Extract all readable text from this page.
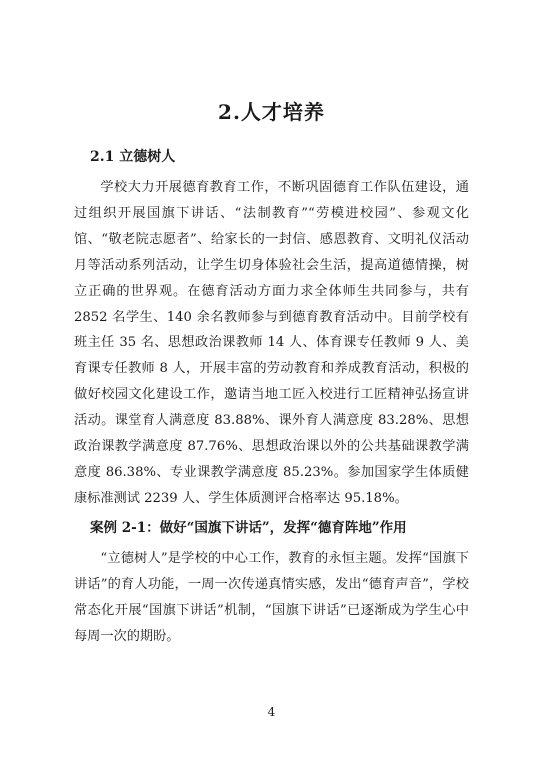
2.人才培养
2.1 立德树人

学校大力开展德育教育工作，不断巩固德育工作队伍建设，通过组织开展国旗下讲话、“法制教育”“劳模进校园”、参观文化馆、“敬老院志愿者”、给家长的一封信、感恩教育、文明礼仪活动月等活动系列活动，让学生切身体验社会生活，提高道德情操，树立正确的世界观。在德育活动方面力求全体师生共同参与，共有 2852 名学生、140 余名教师参与到德育教育活动中。目前学校有班主任 35 名、思想政治课教师 14 人、体育课专任教师 9 人、美育课专任教师 8 人，开展丰富的劳动教育和养成教育活动，积极的做好校园文化建设工作，邀请当地工匠入校进行工匠精神弘扬宣讲活动。课堂育人满意度 83.88%、课外育人满意度 83.28%、思想政治课教学满意度 87.76%、思想政治课以外的公共基础课教学满意度 86.38%、专业课教学满意度 85.23%。参加国家学生体质健康标准测试 2239 人、学生体质测评合格率达 95.18%。

案例 2-1：做好“国旗下讲话”，发挥“德育阵地”作用

“立德树人”是学校的中心工作，教育的永恒主题。发挥“国旗下讲话”的育人功能，一周一次传递真情实感，发出“德育声音”，学校常态化开展“国旗下讲话”机制，“国旗下讲话”已逐渐成为学生心中每周一次的期盼。

4
